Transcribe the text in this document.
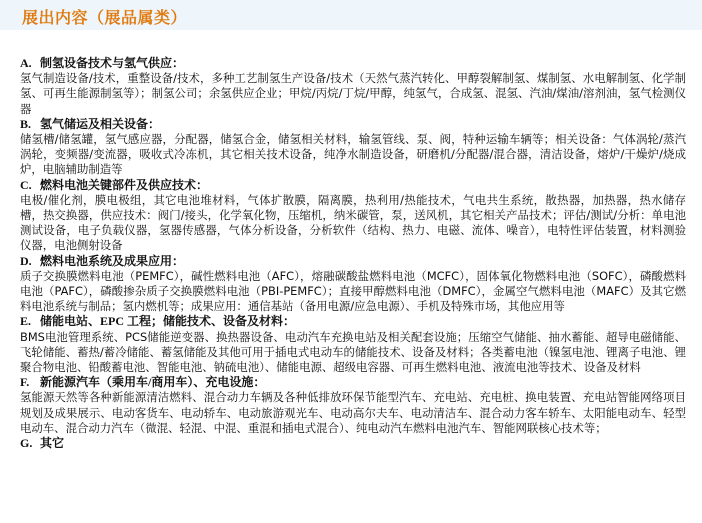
展出内容（展品属类）
A. 制氢设备技术与氢气供应：
氢气制造设备/技术，重整设备/技术，多种工艺制氢生产设备/技术（天然气蒸汽转化、甲醇裂解制氢、煤制氢、水电解制氢、化学制氢、可再生能源制氢等）；制氢公司；余氢供应企业；甲烷/丙烷/丁烷/甲醇，纯氢气，合成氢、混氢、汽油/煤油/溶剂油，氢气检测仪器
B. 氢气储运及相关设备：
储氢槽/储氢罐，氢气感应器，分配器，储氢合金，储氢相关材料，输氢管线、泵、阀，特种运输车辆等；相关设备：气体涡轮/蒸汽涡轮，变频器/变流器，吸收式冷冻机，其它相关技术设备，纯净水制造设备，研磨机/分配器/混合器，清洁设备，熔炉/干燥炉/烧成炉，电脑辅助制造等
C. 燃料电池关键部件及供应技术：
电极/催化剂，膜电极组，其它电池堆材料，气体扩散膜，隔离膜，热利用/热能技术，气电共生系统，散热器，加热器，热水储存槽，热交换器，供应技术：阀门/接头，化学氧化物，压缩机，纳米碳管，泵，送风机，其它相关产品技术；评估/测试/分析：单电池测试设备，电子负载仪器，氢器传感器，气体分析设备，分析软件（结构、热力、电磁、流体、噪音），电特性评估装置，材料测验仪器，电池侧射设备
D. 燃料电池系统及成果应用：
质子交换膜燃料电池（PEMFC），碱性燃料电池（AFC），熔融碳酸盐燃料电池（MCFC），固体氧化物燃料电池（SOFC），磷酸燃料电池（PAFC），磷酸掺杂质子交换膜燃料电池（PBI-PEMFC）；直接甲醇燃料电池（DMFC），金属空气燃料电池（MAFC）及其它燃料电池系统与制品；氢内燃机等；成果应用：通信基站（备用电源/应急电源）、手机及特殊市场，其他应用等
E. 储能电站、EPC 工程；储能技术、设备及材料：
BMS电池管理系统、PCS储能逆变器、换热器设备、电动汽车充换电站及相关配套设施；压缩空气储能、抽水蓄能、超导电磁储能、飞轮储能、蓄热/蓄冷储能、蓄氢储能及其他可用于插电式电动车的储能技术、设备及材料；各类蓄电池（镍氢电池、锂离子电池、锂聚合物电池、铅酸蓄电池、智能电池、钠硫电池）、储能电源、超级电容器、可再生燃料电池、液流电池等技术、设备及材料
F. 新能源汽车（乘用车/商用车）、充电设施：
氢能源天然等各种新能源清洁燃料、混合动力车辆及各种低排放环保节能型汽车、充电站、充电桩、换电装置、充电站智能网络项目规划及成果展示、电动客货车、电动轿车、电动旅游观光车、电动高尔夫车、电动清洁车、混合动力客车轿车、太阳能电动车、轻型电动车、混合动力汽车（微混、轻混、中混、重混和插电式混合）、纯电动汽车燃料电池汽车、智能网联核心技术等；
G. 其它
